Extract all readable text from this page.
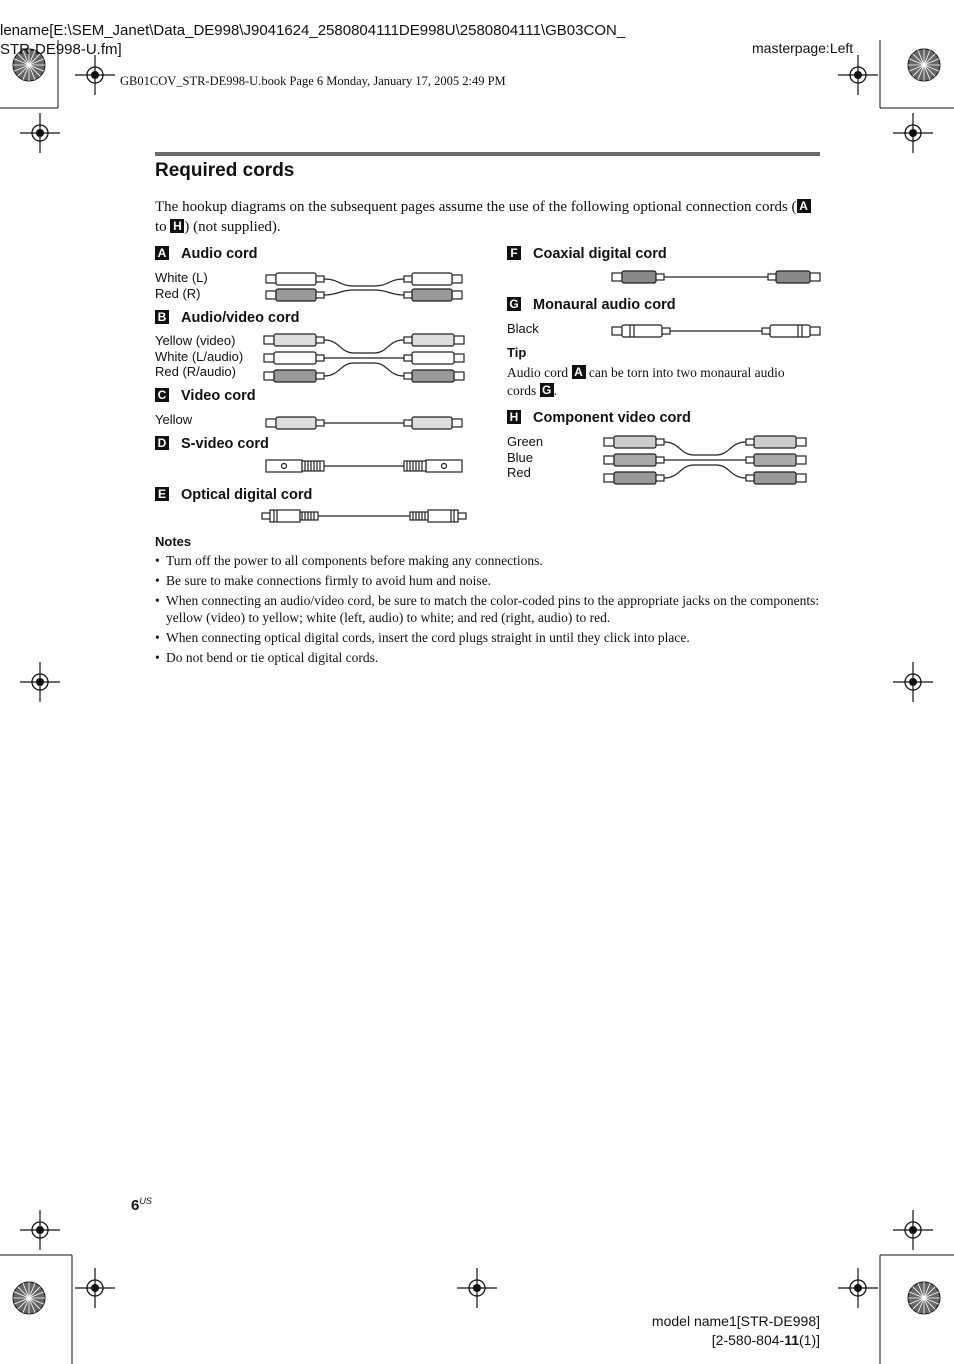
lename[E:\SEM_Janet\Data_DE998\J9041624_2580804111DE998U\2580804111\GB03CON_
STR-DE998-U.fm]	masterpage:Left
GB01COV_STR-DE998-U.book Page 6 Monday, January 17, 2005 2:49 PM
Required cords
The hookup diagrams on the subsequent pages assume the use of the following optional connection cords ( A to H ) (not supplied).
A Audio cord
White (L)
Red (R)
B Audio/video cord
Yellow (video)
White (L/audio)
Red (R/audio)
C Video cord
Yellow
D S-video cord
E Optical digital cord
F Coaxial digital cord
G Monaural audio cord
Black
Tip
Audio cord A can be torn into two monaural audio cords G .
H Component video cord
Green
Blue
Red
Notes
• Turn off the power to all components before making any connections.
• Be sure to make connections firmly to avoid hum and noise.
• When connecting an audio/video cord, be sure to match the color-coded pins to the appropriate jacks on the components: yellow (video) to yellow; white (left, audio) to white; and red (right, audio) to red.
• When connecting optical digital cords, insert the cord plugs straight in until they click into place.
• Do not bend or tie optical digital cords.
$6^{US}$
model name1[STR-DE998]
[2-580-804-11(1)]
